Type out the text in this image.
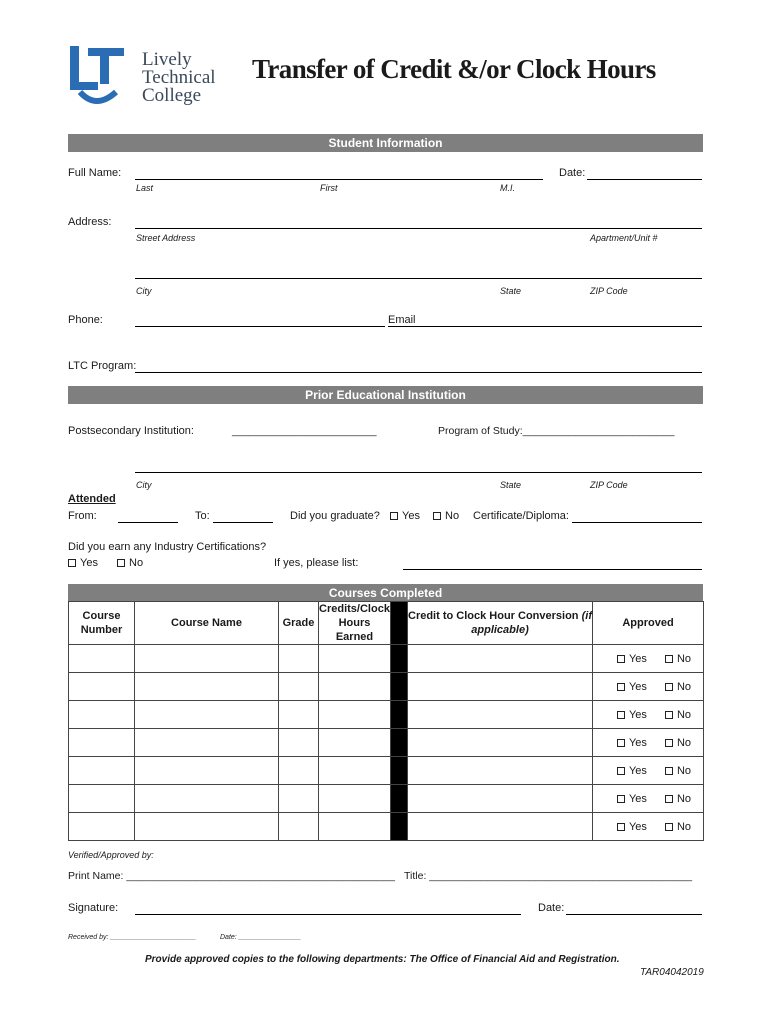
Lively
Technical
College
Transfer of Credit &/or Clock Hours
Student Information
Full Name:	Date:
Last	First	M.I.
Address:
Street Address	Apartment/Unit #
City	State	ZIP Code
Phone:	Email
LTC Program:
Prior Educational Institution
Postsecondary Institution:	__________________________	Program of Study:__________________________
City	State	ZIP Code
Attended
From:	To:	Did you graduate?	Yes	No Certificate/Diploma:
Did you earn any Industry Certifications?
Yes	No	If yes, please list:
Courses Completed
Course Number	Course Name	Grade	Credits/Clock Hours Earned		Credit to Clock Hour Conversion (if applicable)	Approved

						Yes No

						Yes No

						Yes No

						Yes No

						Yes No

						Yes No

						Yes No
Verified/Approved by:
Print Name: ______________________________________________ Title: _____________________________________________
Signature:	Date:
Received by: ______________________	Date: ________________
Provide approved copies to the following departments: The Office of Financial Aid and Registration.
TAR04042019
